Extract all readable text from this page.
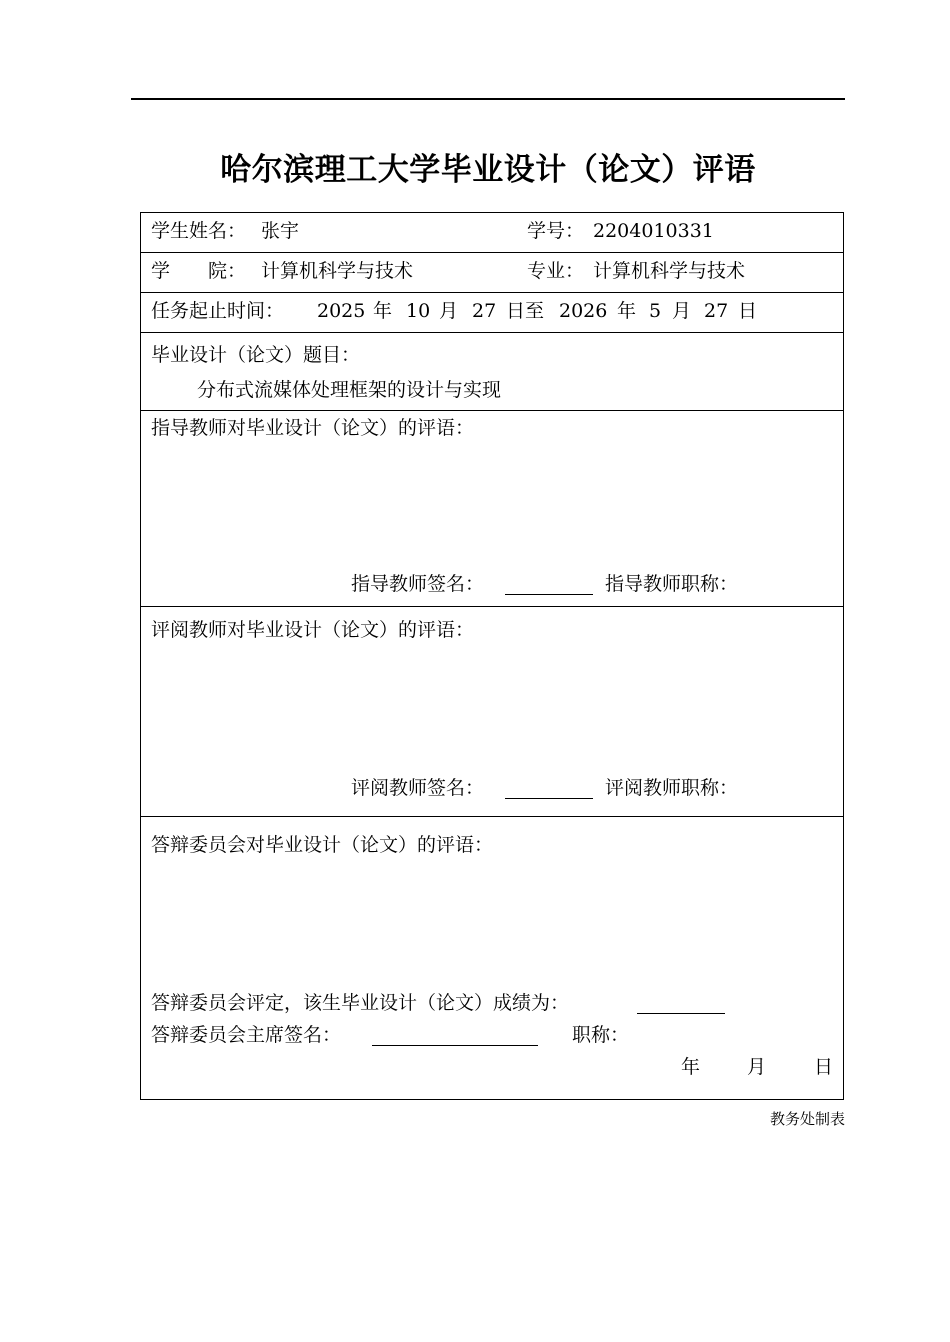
哈尔滨理工大学毕业设计（论文）评语
学生姓名： 张宇	学号： 2204010331
学　　院： 计算机科学与技术	专业： 计算机科学与技术
任务起止时间： 2025 年 10 月 27 日至 2026 年 5 月 27 日
毕业设计（论文）题目：
分布式流媒体处理框架的设计与实现
指导教师对毕业设计（论文）的评语：
指导教师签名：	指导教师职称：
评阅教师对毕业设计（论文）的评语：
评阅教师签名：	评阅教师职称：
答辩委员会对毕业设计（论文）的评语：
答辩委员会评定，该生毕业设计（论文）成绩为：
答辩委员会主席签名：	职称：
年 月	日
教务处制表
